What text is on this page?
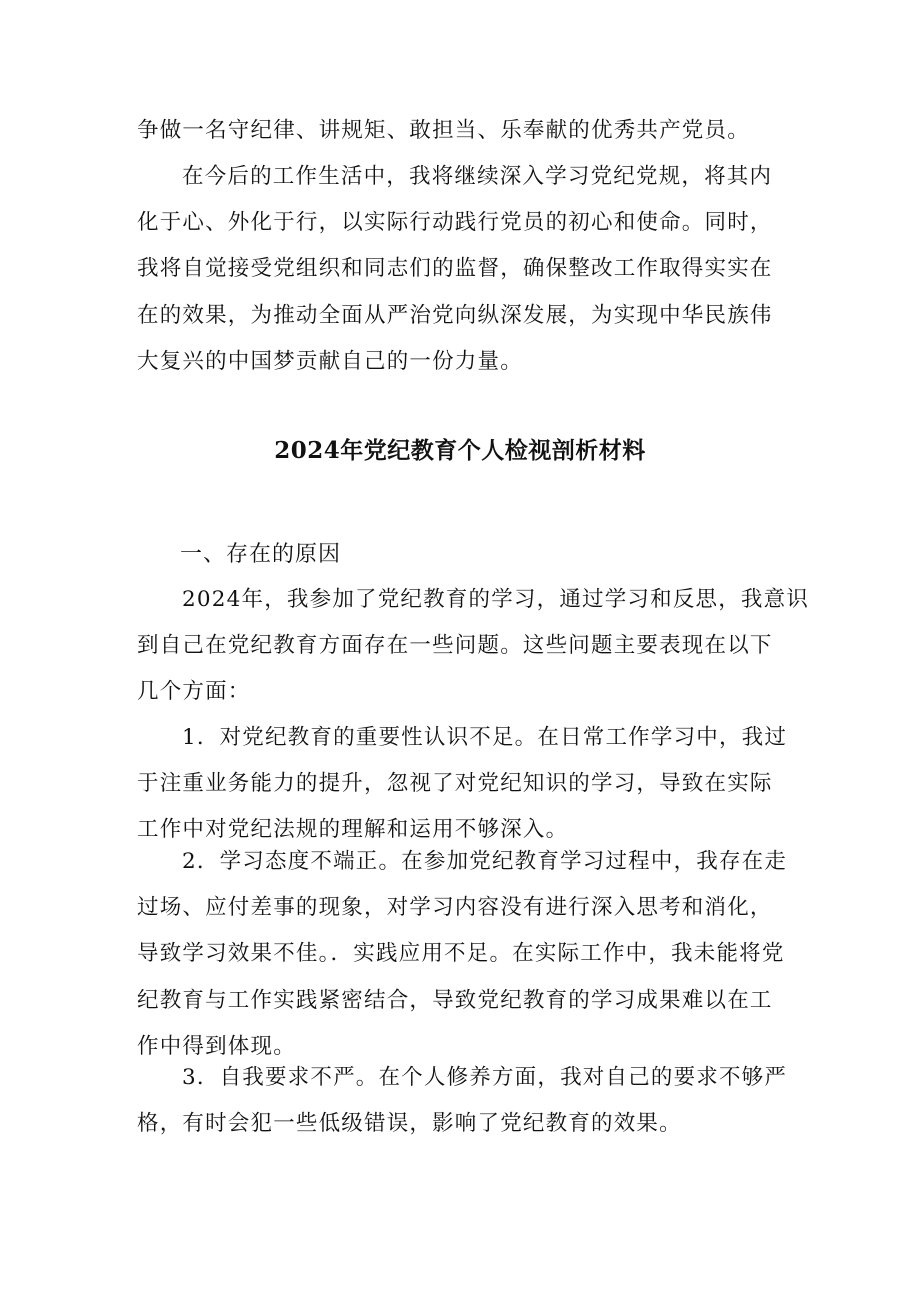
争做一名守纪律、讲规矩、敢担当、乐奉献的优秀共产党员。
在今后的工作生活中，我将继续深入学习党纪党规，将其内
化于心、外化于行，以实际行动践行党员的初心和使命。同时，
我将自觉接受党组织和同志们的监督，确保整改工作取得实实在
在的效果，为推动全面从严治党向纵深发展，为实现中华民族伟
大复兴的中国梦贡献自己的一份力量。
2024年党纪教育个人检视剖析材料
一、存在的原因
2024年，我参加了党纪教育的学习，通过学习和反思，我意识
到自己在党纪教育方面存在一些问题。这些问题主要表现在以下
几个方面：
1．对党纪教育的重要性认识不足。在日常工作学习中，我过
于注重业务能力的提升，忽视了对党纪知识的学习，导致在实际
工作中对党纪法规的理解和运用不够深入。
2．学习态度不端正。在参加党纪教育学习过程中，我存在走
过场、应付差事的现象，对学习内容没有进行深入思考和消化，
导致学习效果不佳。．实践应用不足。在实际工作中，我未能将党
纪教育与工作实践紧密结合，导致党纪教育的学习成果难以在工
作中得到体现。
3．自我要求不严。在个人修养方面，我对自己的要求不够严
格，有时会犯一些低级错误，影响了党纪教育的效果。
